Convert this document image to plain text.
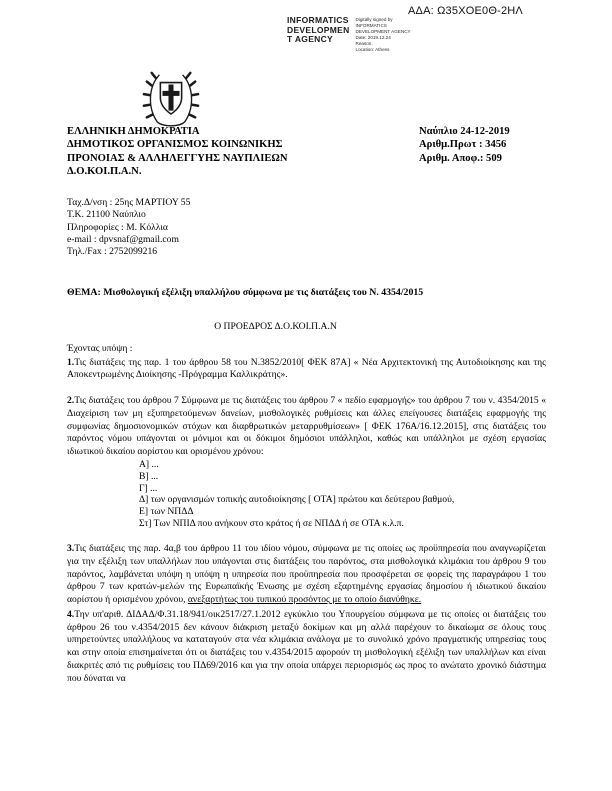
ΑΔΑ: Ω35ΧΟΕ0Θ-2ΗΛ
INFORMATICS
DEVELOPMEN
T AGENCY
Digitally signed by
INFORMATICS
DEVELOPMENT AGENCY
Date: 2019.12.24
Reason:
Location: Athens
ΕΛΛΗΝΙΚΗ ΔΗΜΟΚΡΑΤΙΑ
ΔΗΜΟΤΙΚΟΣ ΟΡΓΑΝΙΣΜΟΣ ΚΟΙΝΩΝΙΚΗΣ
ΠΡΟΝΟΙΑΣ & ΑΛΛΗΛΕΓΓΥΗΣ ΝΑΥΠΛΙΕΩΝ
Δ.Ο.ΚΟΙ.Π.Α.Ν.
Ναύπλιο 24-12-2019
Αριθμ.Πρωτ : 3456
Αριθμ. Αποφ.: 509
Ταχ.Δ/νση : 25ης ΜΑΡΤΙΟΥ 55
Τ.Κ. 21100 Ναύπλιο
Πληροφορίες : Μ. Κόλλια
e-mail : dpvsnaf@gmail.com
Τηλ./Fax : 2752099216
ΘΕΜΑ: Μισθολογική εξέλιξη υπαλλήλου σύμφωνα με τις διατάξεις του Ν. 4354/2015
Ο ΠΡΟΕΔΡΟΣ Δ.Ο.ΚΟΙ.Π.Α.Ν
Έχοντας υπόψη :

1.Τις διατάξεις της παρ. 1 του άρθρου 58 του Ν.3852/2010[ ΦΕΚ 87Α] « Νέα Αρχιτεκτονική της Αυτοδιοίκησης και της Αποκεντρωμένης Διοίκησης -Πρόγραμμα Καλλικράτης».

2.Τις διατάξεις του άρθρου 7 Σύμφωνα με τις διατάξεις του άρθρου 7 « πεδίο εφαρμογής» του άρθρου 7 του ν. 4354/2015 « Διαχείριση των μη εξυπηρετούμενων δανείων, μισθολογικές ρυθμίσεις και άλλες επείγουσες διατάξεις εφαρμογής της συμφωνίας δημοσιονομικών στόχων και διαρθρωτικών μεταρρυθμίσεων» [ ΦΕΚ 176Α/16.12.2015], στις διατάξεις του παρόντος νόμου υπάγονται οι μόνιμοι και οι δόκιμοι δημόσιοι υπάλληλοι, καθώς και υπάλληλοι με σχέση εργασίας ιδιωτικού δικαίου αορίστου και ορισμένου χρόνου:

Α] ...
Β] ...
Γ] ...
Δ] των οργανισμών τοπικής αυτοδιοίκησης [ ΟΤΑ] πρώτου και δεύτερου βαθμού,
Ε] των ΝΠΔΔ
Στ] Των ΝΠΙΔ που ανήκουν στο κράτος ή σε ΝΠΔΔ ή σε ΟΤΑ κ.λ.π.

3.Τις διατάξεις της παρ. 4α,β του άρθρου 11 του ιδίου νόμου, σύμφωνα με τις οποίες ως προϋπηρεσία που αναγνωρίζεται για την εξέλιξη των υπαλλήλων που υπάγονται στις διατάξεις του παρόντος, στα μισθολογικά κλιμάκια του άρθρου 9 του παρόντος, λαμβάνεται υπόψη η υπόψη η υπηρεσία που προϋπηρεσία που προσφέρεται σε φορείς της παραγράφου 1 του άρθρου 7 των κρατών-μελών της Ευρωπαϊκής Ένωσης με σχέση εξαρτημένης εργασίας δημοσίου ή ιδιωτικού δικαίου αορίστου ή ορισμένου χρόνου, ανεξαρτήτως του τυπικού προσόντος με το οποίο διανύθηκε.

4.Την υπ'αριθ. ΔΙΔΑΔ/Φ.31.18/941/οικ2517/27.1.2012 εγκύκλιο του Υπουργείου σύμφωνα με τις οποίες οι διατάξεις του άρθρου 26 του ν.4354/2015 δεν κάνουν διάκριση μεταξύ δοκίμων και μη αλλά παρέχουν το δικαίωμα σε όλους τους υπηρετούντες υπαλλήλους να καταταγούν στα νέα κλιμάκια ανάλογα με το συνολικό χρόνο πραγματικής υπηρεσίας τους και στην οποία επισημαίνεται ότι οι διατάξεις του ν.4354/2015 αφορούν τη μισθολογική εξέλιξη των υπαλλήλων και είναι διακριτές από τις ρυθμίσεις του ΠΔ69/2016 και για την οποία υπάρχει περιορισμός ως προς το ανώτατο χρονικό διάστημα που δύναται να
